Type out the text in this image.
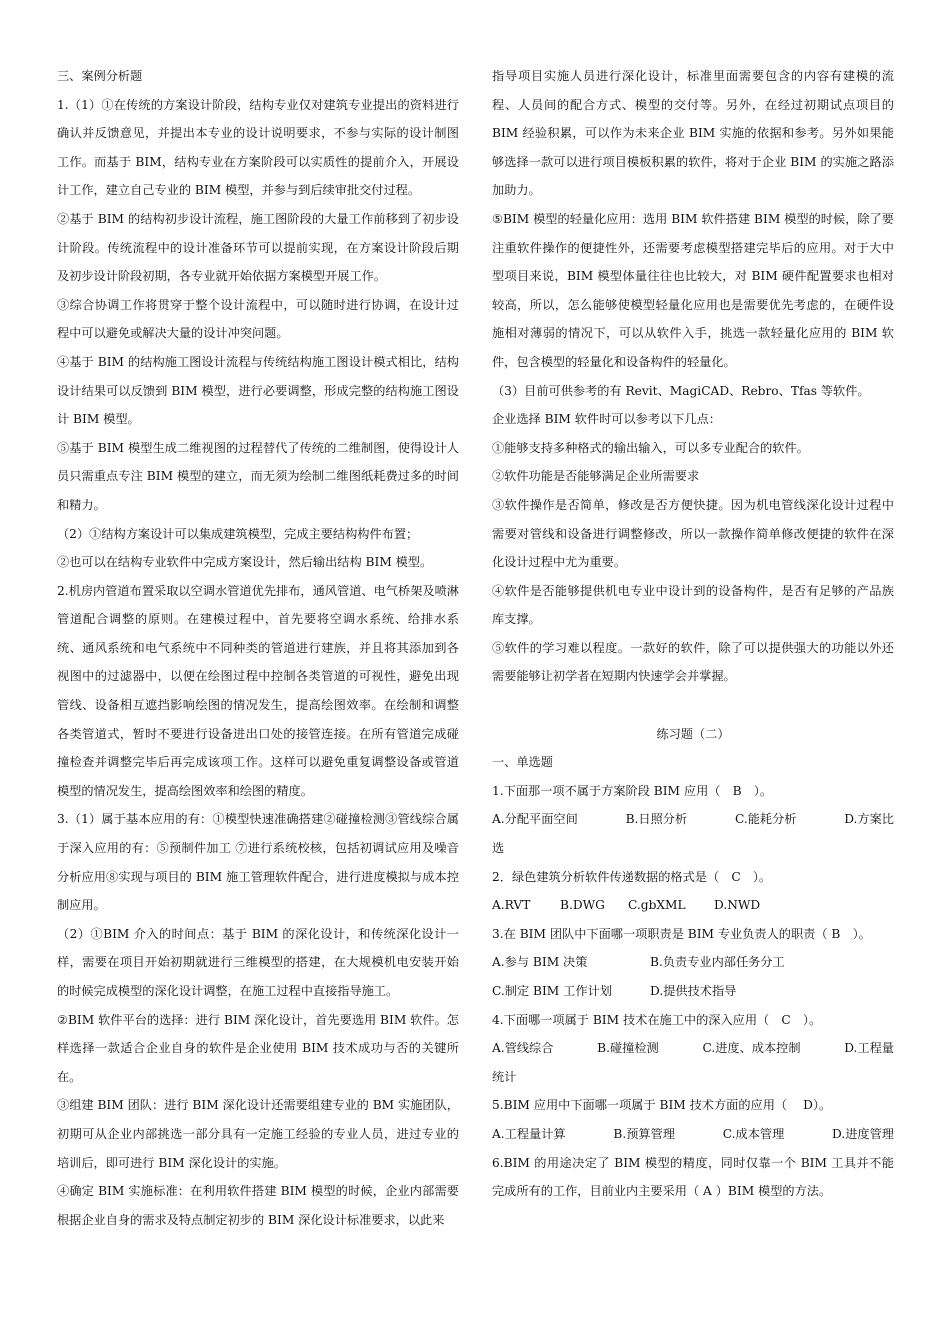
三、案例分析题

1.（1）①在传统的方案设计阶段，结构专业仅对建筑专业提出的资料进行确认并反馈意见，并提出本专业的设计说明要求，不参与实际的设计制图工作。而基于 BIM，结构专业在方案阶段可以实质性的提前介入，开展设计工作，建立自己专业的 BIM 模型，并参与到后续审批交付过程。

②基于 BIM 的结构初步设计流程，施工图阶段的大量工作前移到了初步设计阶段。传统流程中的设计准备环节可以提前实现，在方案设计阶段后期及初步设计阶段初期，各专业就开始依据方案模型开展工作。

③综合协调工作将贯穿于整个设计流程中，可以随时进行协调，在设计过程中可以避免或解决大量的设计冲突问题。

④基于 BIM 的结构施工图设计流程与传统结构施工图设计模式相比，结构设计结果可以反馈到 BIM 模型，进行必要调整，形成完整的结构施工图设计 BIM 模型。

⑤基于 BIM 模型生成二维视图的过程替代了传统的二维制图，使得设计人员只需重点专注 BIM 模型的建立，而无须为绘制二维图纸耗费过多的时间和精力。

（2）①结构方案设计可以集成建筑模型，完成主要结构构件布置；

②也可以在结构专业软件中完成方案设计，然后输出结构 BIM 模型。

2.机房内管道布置采取以空调水管道优先排布，通风管道、电气桥架及喷淋管道配合调整的原则。在建模过程中，首先要将空调水系统、给排水系统、通风系统和电气系统中不同种类的管道进行建族，并且将其添加到各视图中的过滤器中，以便在绘图过程中控制各类管道的可视性，避免出现管线、设备相互遮挡影响绘图的情况发生，提高绘图效率。在绘制和调整各类管道式，暂时不要进行设备进出口处的接管连接。在所有管道完成碰撞检查并调整完毕后再完成该项工作。这样可以避免重复调整设备或管道模型的情况发生，提高绘图效率和绘图的精度。

3.（1）属于基本应用的有：①模型快速准确搭建②碰撞检测③管线综合属于深入应用的有：⑤预制件加工 ⑦进行系统校核，包括初调试应用及噪音分析应用⑧实现与项目的 BIM 施工管理软件配合，进行进度模拟与成本控制应用。

（2）①BIM 介入的时间点：基于 BIM 的深化设计，和传统深化设计一样，需要在项目开始初期就进行三维模型的搭建，在大规模机电安装开始的时候完成模型的深化设计调整，在施工过程中直接指导施工。

②BIM 软件平台的选择：进行 BIM 深化设计，首先要选用 BIM 软件。怎样选择一款适合企业自身的软件是企业使用 BIM 技术成功与否的关键所在。

③组建 BIM 团队：进行 BIM 深化设计还需要组建专业的 BM 实施团队，初期可从企业内部挑选一部分具有一定施工经验的专业人员，进过专业的培训后，即可进行 BIM 深化设计的实施。

④确定 BIM 实施标准：在利用软件搭建 BIM 模型的时候，企业内部需要根据企业自身的需求及特点制定初步的 BIM 深化设计标准要求，以此来

指导项目实施人员进行深化设计，标准里面需要包含的内容有建模的流程、人员间的配合方式、模型的交付等。另外，在经过初期试点项目的 BIM 经验积累，可以作为未来企业 BIM 实施的依据和参考。另外如果能够选择一款可以进行项目模板积累的软件，将对于企业 BIM 的实施之路添加助力。

⑤BIM 模型的轻量化应用：选用 BIM 软件搭建 BIM 模型的时候，除了要注重软件操作的便捷性外，还需要考虑模型搭建完毕后的应用。对于大中型项目来说，BIM 模型体量往往也比较大，对 BIM 硬件配置要求也相对较高，所以，怎么能够使模型轻量化应用也是需要优先考虑的，在硬件设施相对薄弱的情况下，可以从软件入手，挑选一款轻量化应用的 BIM 软件，包含模型的轻量化和设备构件的轻量化。

（3）目前可供参考的有 Revit、MagiCAD、Rebro、Tfas 等软件。

企业选择 BIM 软件时可以参考以下几点：

①能够支持多种格式的输出输入，可以多专业配合的软件。

②软件功能是否能够满足企业所需要求

③软件操作是否简单，修改是否方便快捷。因为机电管线深化设计过程中需要对管线和设备进行调整修改，所以一款操作简单修改便捷的软件在深化设计过程中尤为重要。

④软件是否能够提供机电专业中设计到的设备构件，是否有足够的产品族库支撑。

⑤软件的学习难以程度。一款好的软件，除了可以提供强大的功能以外还需要能够让初学者在短期内快速学会并掌握。

练习题（二）

一、单选题

1.下面那一项不属于方案阶段 BIM 应用（　B　）。

A.分配平面空间	B.日照分析	C.能耗分析	D.方案比

选

2．绿色建筑分析软件传递数据的格式是（　C　）。

A.RVT	B.DWG	C.gbXML	D.NWD

3.在 BIM 团队中下面哪一项职责是 BIM 专业负责人的职责（ B　）。

A.参与 BIM 决策	B.负责专业内部任务分工
C.制定 BIM 工作计划	D.提供技术指导

4.下面哪一项属于 BIM 技术在施工中的深入应用（　C　）。

A.管线综合	B.碰撞检测	C.进度、成本控制	D.工程量

统计

5.BIM 应用中下面哪一项属于 BIM 技术方面的应用（　 D）。

A.工程量计算	B.预算管理	C.成本管理	D.进度管理

6.BIM 的用途决定了 BIM 模型的精度，同时仅靠一个 BIM 工具并不能完成所有的工作，目前业内主要采用（ A ）BIM 模型的方法。
